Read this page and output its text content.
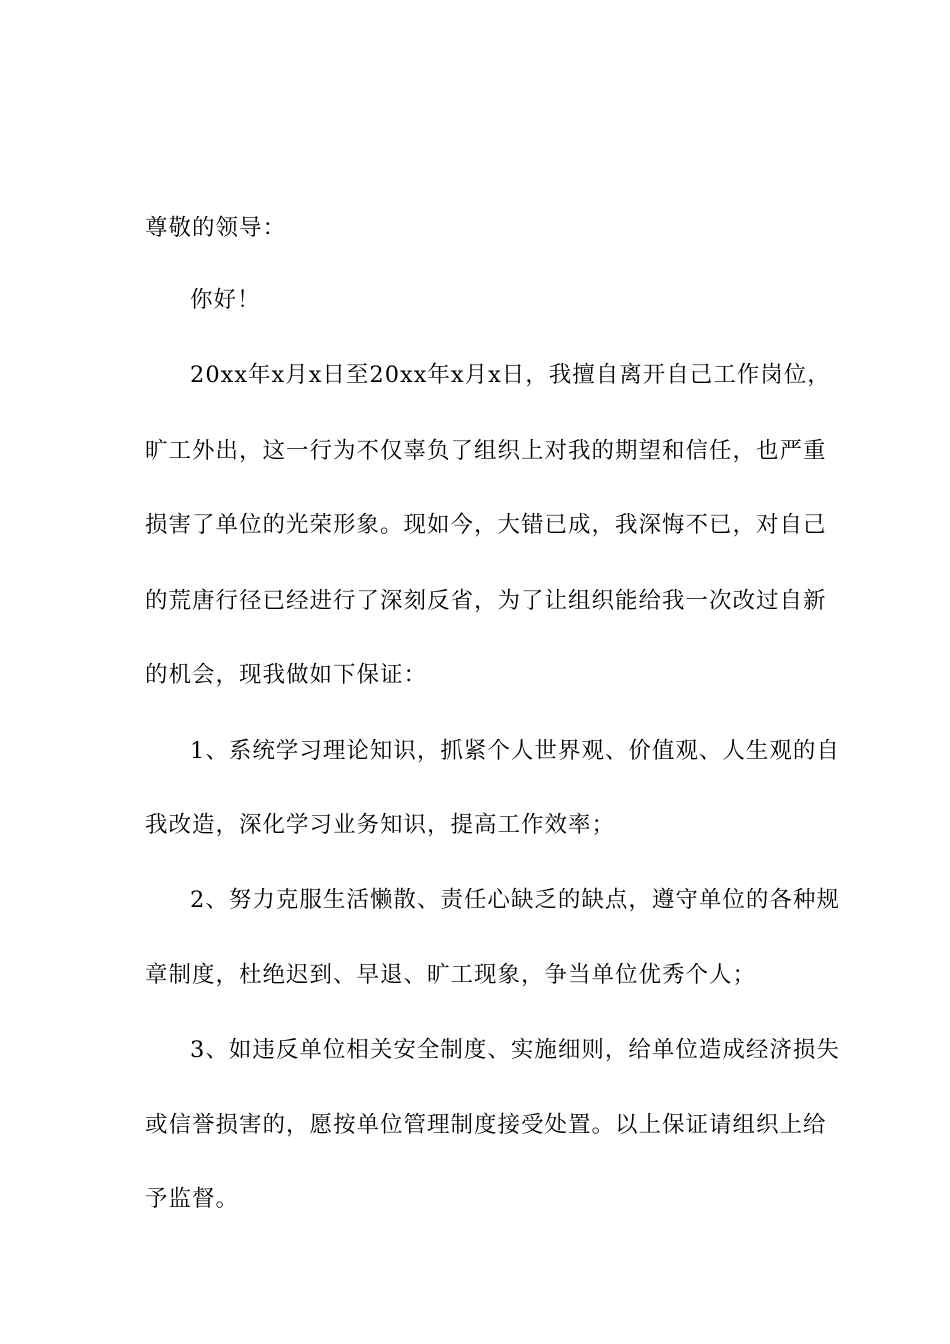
尊敬的领导：
你好！
20xx年x月x日至20xx年x月x日，我擅自离开自己工作岗位，
旷工外出，这一行为不仅辜负了组织上对我的期望和信任，也严重
损害了单位的光荣形象。现如今，大错已成，我深悔不已，对自己
的荒唐行径已经进行了深刻反省，为了让组织能给我一次改过自新
的机会，现我做如下保证：
1、系统学习理论知识，抓紧个人世界观、价值观、人生观的自
我改造，深化学习业务知识，提高工作效率；
2、努力克服生活懒散、责任心缺乏的缺点，遵守单位的各种规
章制度，杜绝迟到、早退、旷工现象，争当单位优秀个人；
3、如违反单位相关安全制度、实施细则，给单位造成经济损失
或信誉损害的，愿按单位管理制度接受处置。以上保证请组织上给
予监督。
